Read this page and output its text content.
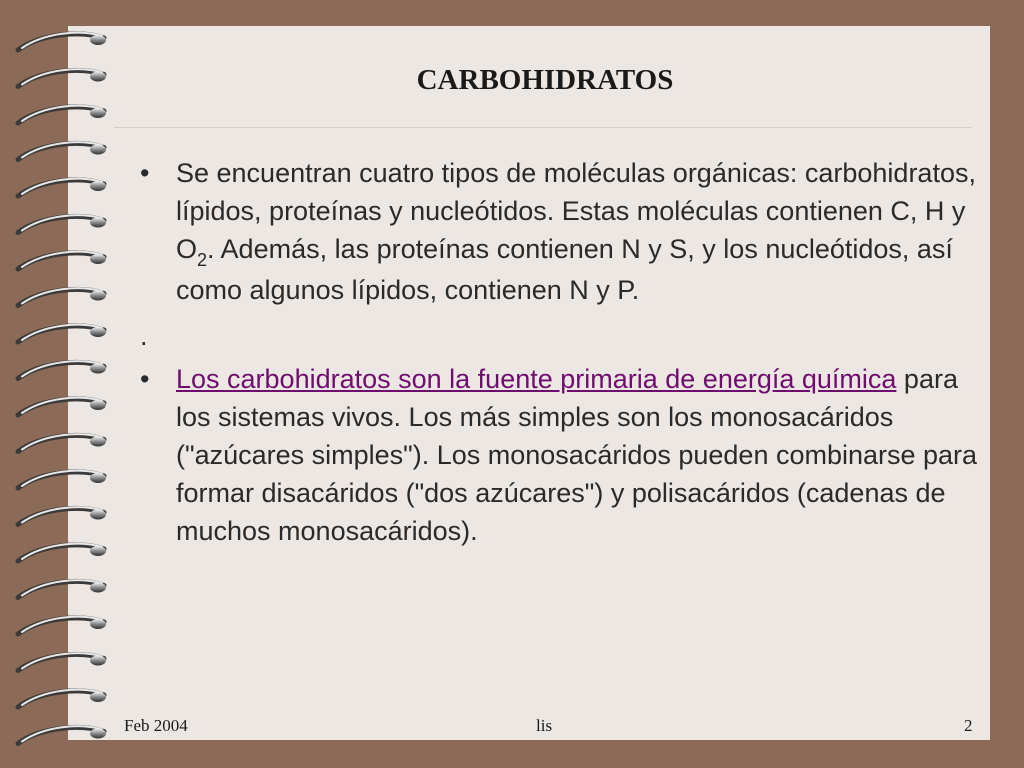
CARBOHIDRATOS
• Se encuentran cuatro tipos de moléculas orgánicas: carbohidratos, lípidos, proteínas y nucleótidos. Estas moléculas contienen C, H y $O_2$. Además, las proteínas contienen N y S, y los nucleótidos, así como algunos lípidos, contienen N y P.
.
• Los carbohidratos son la fuente primaria de energía química para los sistemas vivos. Los más simples son los monosacáridos ("azúcares simples"). Los monosacáridos pueden combinarse para formar disacáridos ("dos azúcares") y polisacáridos (cadenas de muchos monosacáridos).
Feb 2004	lis	2
